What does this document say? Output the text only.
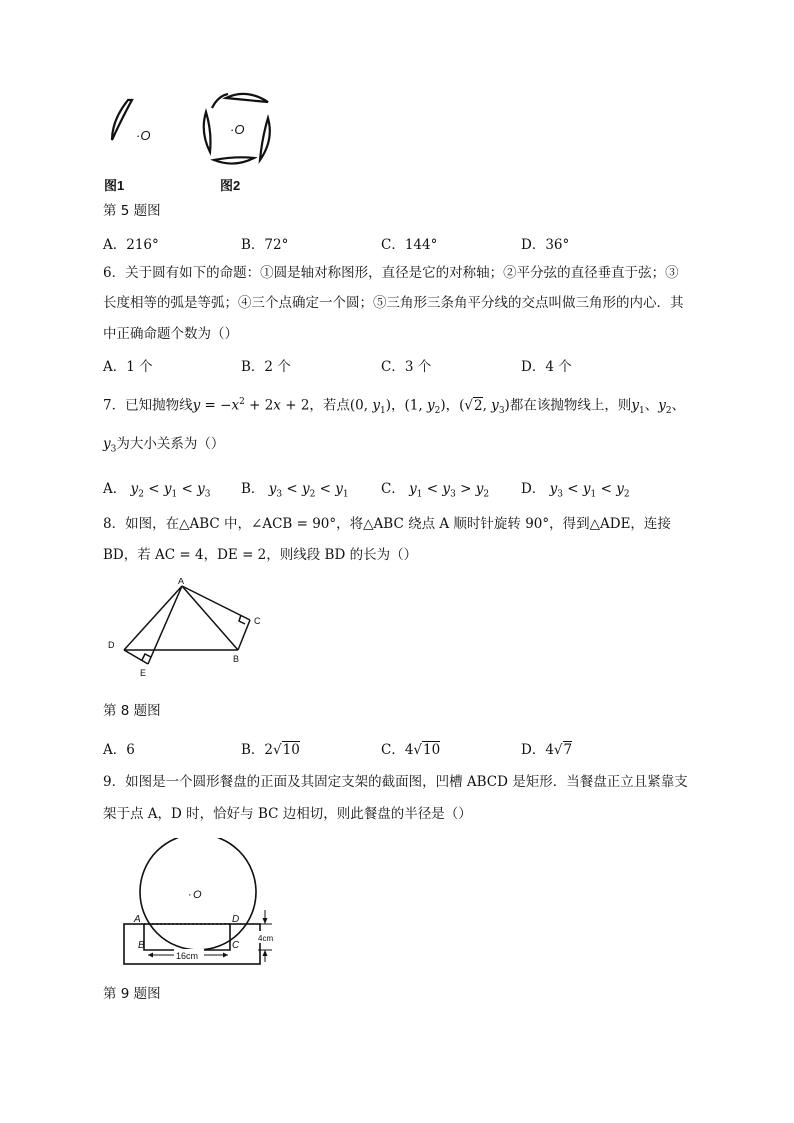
·O	·O
图1	图2
第 5 题图
A．216°	B．72°	C．144°	D．36°
6．关于圆有如下的命题：①圆是轴对称图形，直径是它的对称轴；②平分弦的直径垂直于弦；③
长度相等的弧是等弧；④三个点确定一个圆；⑤三角形三条角平分线的交点叫做三角形的内心．其
中正确命题个数为（）
A．1 个	B．2 个	C．3 个	D．4 个
7．已知抛物线$y = -x^2 + 2x + 2$，若点(0, $y_1$)，(1, $y_2$)，(√2, $y_3$)都在该抛物线上，则$y_1$、$y_2$、
$y_3$为大小关系为（）
A． $y_2 < y_1 < y_3$ B． $y_3 < y_2 < y_1$ C． $y_1 < y_3 > y_2$ D． $y_3 < y_1 < y_2$
8．如图，在△ABC 中，∠ACB = 90°，将△ABC 绕点 A 顺时针旋转 90°，得到△ADE，连接
BD，若 AC = 4，DE = 2，则线段 BD 的长为（）
A
B
C
D
E
第 8 题图
A．6	B．2√10	C．4√10	D．4√7
9．如图是一个圆形餐盘的正面及其固定支架的截面图，凹槽 ABCD 是矩形．当餐盘正立且紧靠支
架于点 A，D 时，恰好与 BC 边相切，则此餐盘的半径是（）
16cm
4cm
· O
A	D
B	C
第 9 题图
